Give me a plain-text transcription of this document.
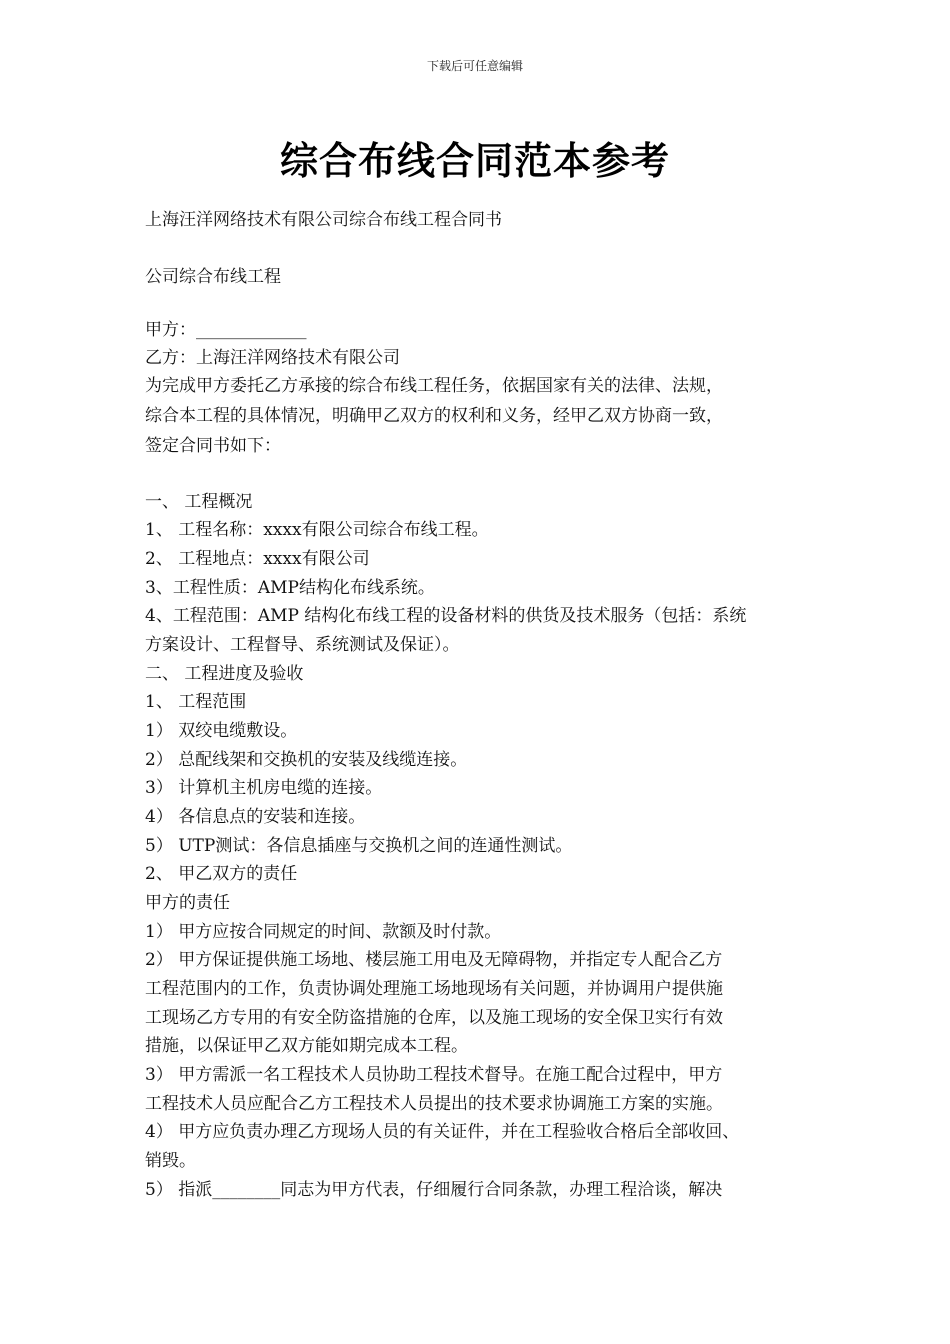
下载后可任意编辑
综合布线合同范本参考
上海汪洋网络技术有限公司综合布线工程合同书
公司综合布线工程
甲方：_____________
乙方：上海汪洋网络技术有限公司
为完成甲方委托乙方承接的综合布线工程任务，依据国家有关的法律、法规，
综合本工程的具体情况，明确甲乙双方的权利和义务，经甲乙双方协商一致，
签定合同书如下：
一、 工程概况
1、 工程名称：xxxx有限公司综合布线工程。
2、 工程地点：xxxx有限公司
3、工程性质：AMP结构化布线系统。
4、工程范围：AMP 结构化布线工程的设备材料的供货及技术服务（包括：系统
方案设计、工程督导、系统测试及保证）。
二、 工程进度及验收
1、 工程范围
1） 双绞电缆敷设。
2） 总配线架和交换机的安装及线缆连接。
3） 计算机主机房电缆的连接。
4） 各信息点的安装和连接。
5） UTP测试：各信息插座与交换机之间的连通性测试。
2、 甲乙双方的责任
甲方的责任
1） 甲方应按合同规定的时间、款额及时付款。
2） 甲方保证提供施工场地、楼层施工用电及无障碍物，并指定专人配合乙方
工程范围内的工作，负责协调处理施工场地现场有关问题，并协调用户提供施
工现场乙方专用的有安全防盗措施的仓库，以及施工现场的安全保卫实行有效
措施，以保证甲乙双方能如期完成本工程。
3） 甲方需派一名工程技术人员协助工程技术督导。在施工配合过程中，甲方
工程技术人员应配合乙方工程技术人员提出的技术要求协调施工方案的实施。
4） 甲方应负责办理乙方现场人员的有关证件，并在工程验收合格后全部收回、
销毁。
5） 指派________同志为甲方代表，仔细履行合同条款，办理工程洽谈，解决
